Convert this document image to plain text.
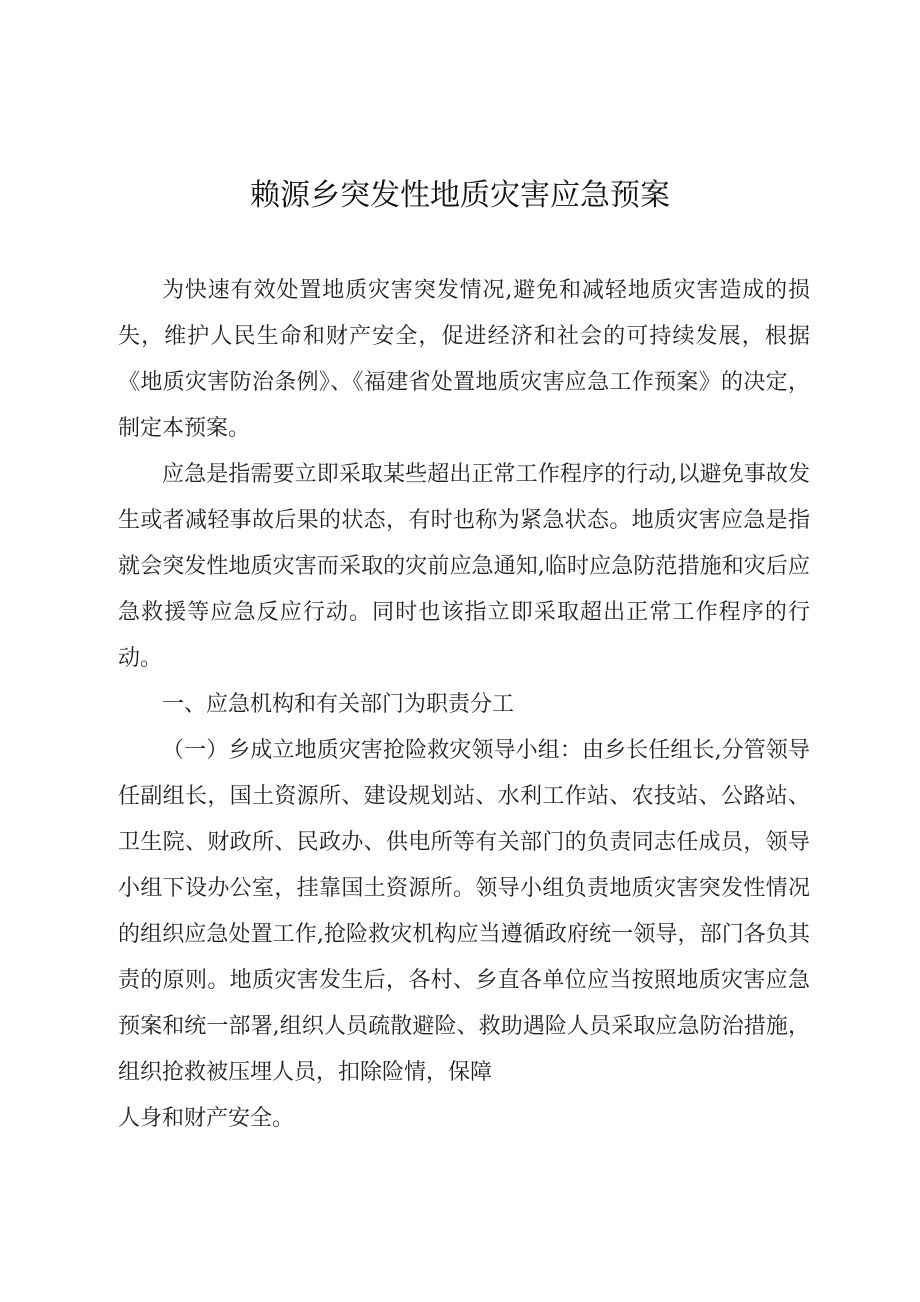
赖源乡突发性地质灾害应急预案

为快速有效处置地质灾害突发情况,避免和减轻地质灾害造成的损失，维护人民生命和财产安全，促进经济和社会的可持续发展，根据《地质灾害防治条例》、《福建省处置地质灾害应急工作预案》的决定，制定本预案。

应急是指需要立即采取某些超出正常工作程序的行动,以避免事故发生或者减轻事故后果的状态，有时也称为紧急状态。地质灾害应急是指就会突发性地质灾害而采取的灾前应急通知,临时应急防范措施和灾后应急救援等应急反应行动。同时也该指立即采取超出正常工作程序的行动。

一、应急机构和有关部门为职责分工

（一）乡成立地质灾害抢险救灾领导小组：由乡长任组长,分管领导任副组长，国土资源所、建设规划站、水利工作站、农技站、公路站、卫生院、财政所、民政办、供电所等有关部门的负责同志任成员，领导小组下设办公室，挂靠国土资源所。领导小组负责地质灾害突发性情况的组织应急处置工作,抢险救灾机构应当遵循政府统一领导，部门各负其责的原则。地质灾害发生后，各村、乡直各单位应当按照地质灾害应急预案和统一部署,组织人员疏散避险、救助遇险人员采取应急防治措施，组织抢救被压埋人员，扣除险情，保障

人身和财产安全。
